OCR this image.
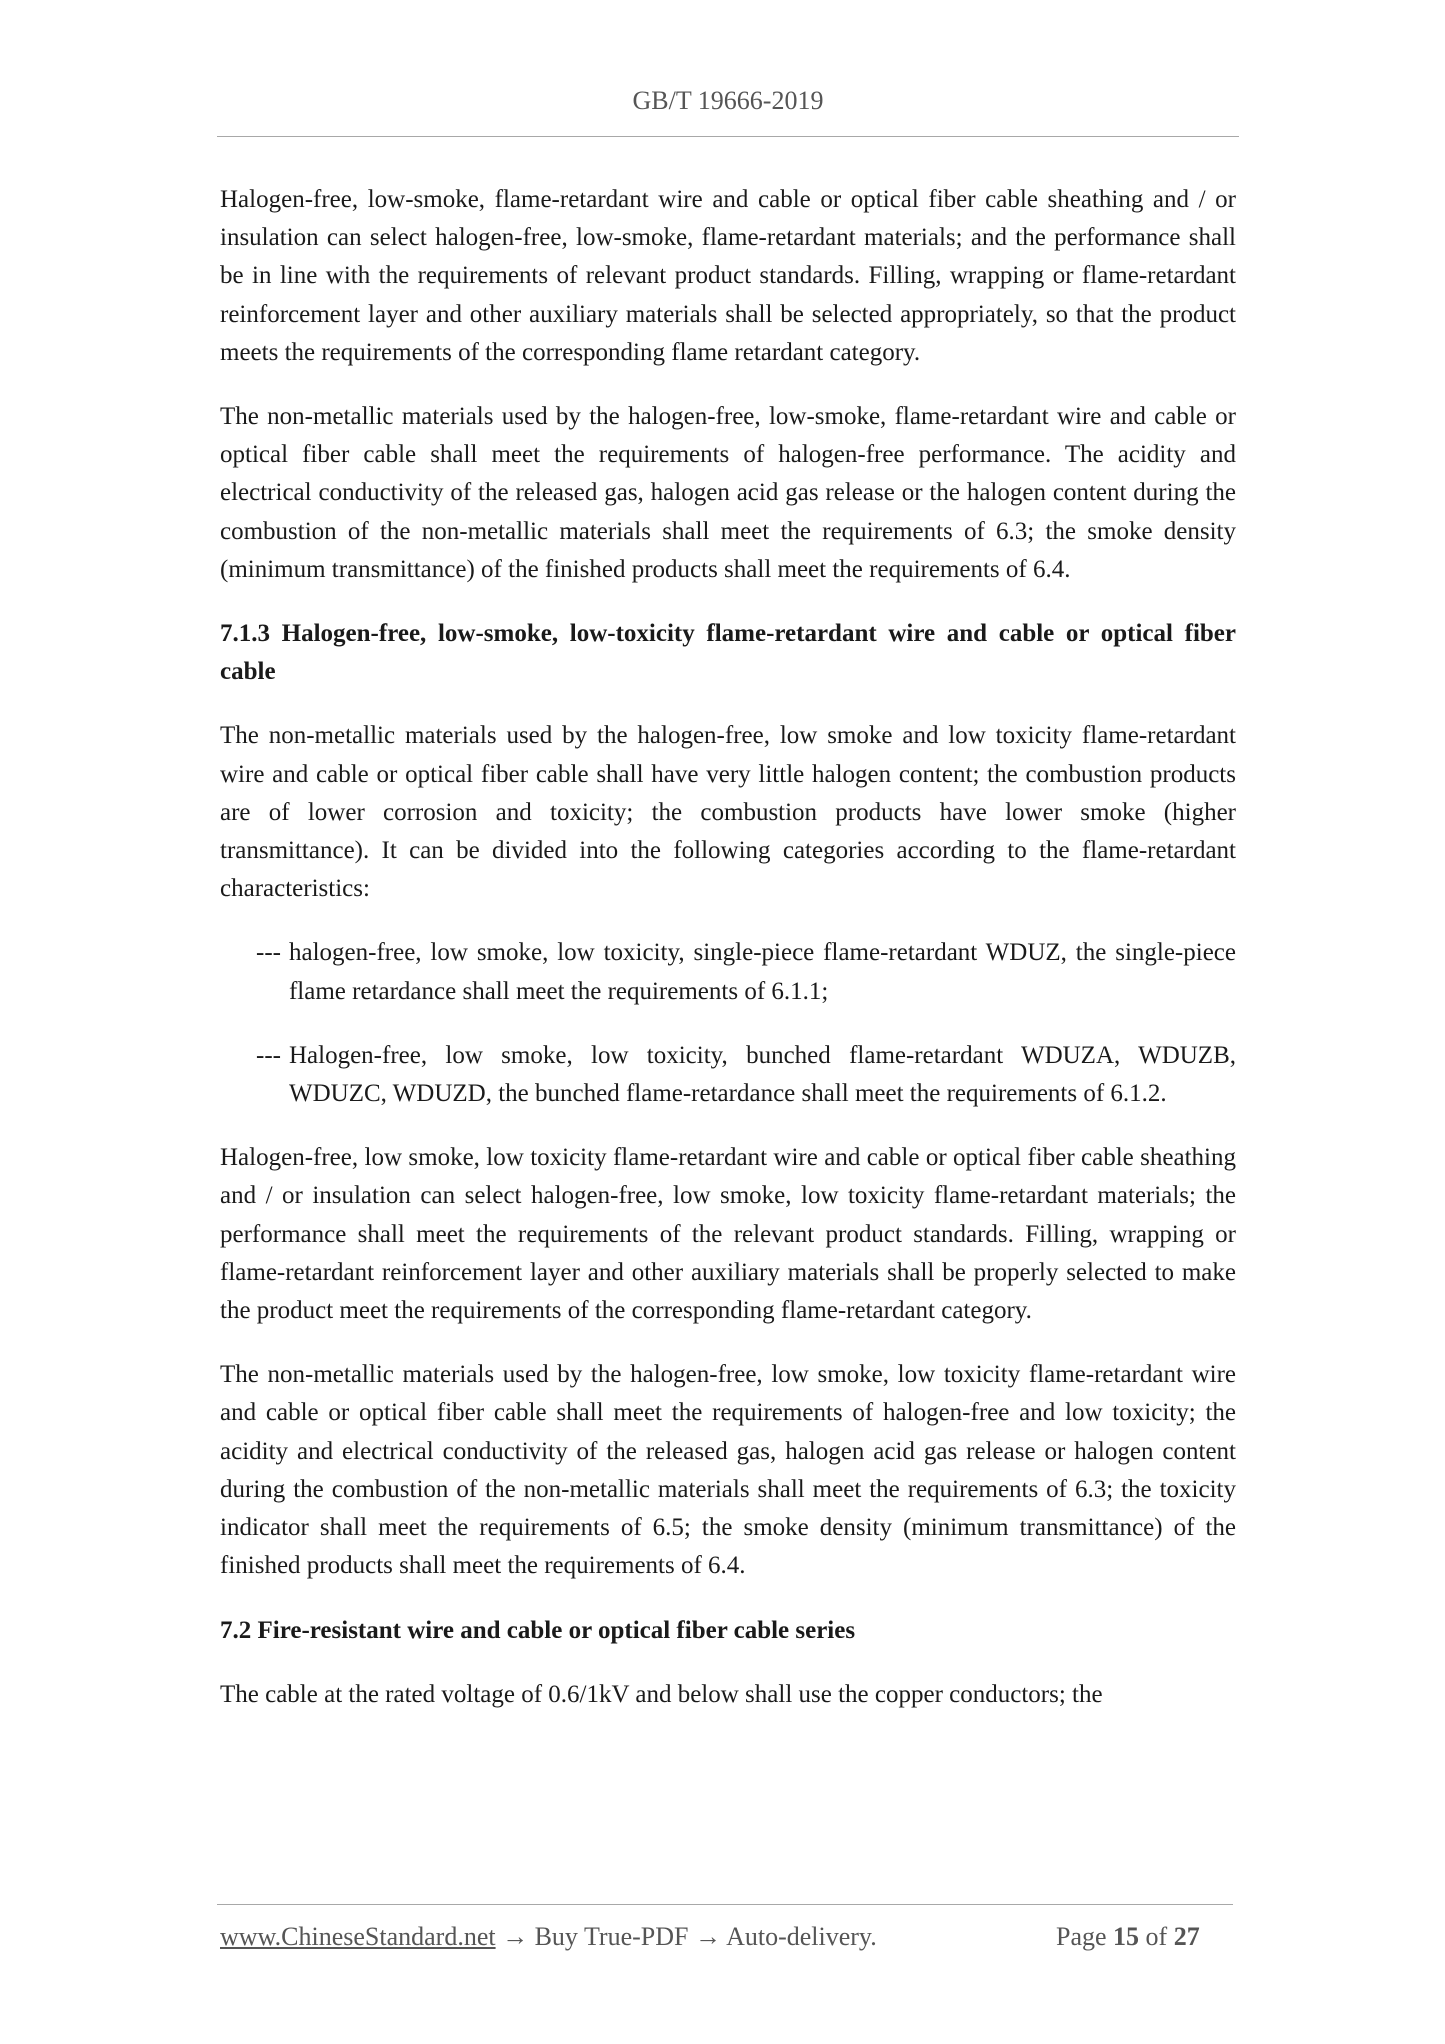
GB/T 19666-2019

Halogen-free, low-smoke, flame-retardant wire and cable or optical fiber cable sheathing and / or insulation can select halogen-free, low-smoke, flame-retardant materials; and the performance shall be in line with the requirements of relevant product standards. Filling, wrapping or flame-retardant reinforcement layer and other auxiliary materials shall be selected appropriately, so that the product meets the requirements of the corresponding flame retardant category.

The non-metallic materials used by the halogen-free, low-smoke, flame-retardant wire and cable or optical fiber cable shall meet the requirements of halogen-free performance. The acidity and electrical conductivity of the released gas, halogen acid gas release or the halogen content during the combustion of the non-metallic materials shall meet the requirements of 6.3; the smoke density (minimum transmittance) of the finished products shall meet the requirements of 6.4.

7.1.3 Halogen-free, low-smoke, low-toxicity flame-retardant wire and cable or optical fiber cable

The non-metallic materials used by the halogen-free, low smoke and low toxicity flame-retardant wire and cable or optical fiber cable shall have very little halogen content; the combustion products are of lower corrosion and toxicity; the combustion products have lower smoke (higher transmittance). It can be divided into the following categories according to the flame-retardant characteristics:

--- halogen-free, low smoke, low toxicity, single-piece flame-retardant WDUZ, the single-piece flame retardance shall meet the requirements of 6.1.1;
--- Halogen-free, low smoke, low toxicity, bunched flame-retardant WDUZA, WDUZB, WDUZC, WDUZD, the bunched flame-retardance shall meet the requirements of 6.1.2.

Halogen-free, low smoke, low toxicity flame-retardant wire and cable or optical fiber cable sheathing and / or insulation can select halogen-free, low smoke, low toxicity flame-retardant materials; the performance shall meet the requirements of the relevant product standards. Filling, wrapping or flame-retardant reinforcement layer and other auxiliary materials shall be properly selected to make the product meet the requirements of the corresponding flame-retardant category.

The non-metallic materials used by the halogen-free, low smoke, low toxicity flame-retardant wire and cable or optical fiber cable shall meet the requirements of halogen-free and low toxicity; the acidity and electrical conductivity of the released gas, halogen acid gas release or halogen content during the combustion of the non-metallic materials shall meet the requirements of 6.3; the toxicity indicator shall meet the requirements of 6.5; the smoke density (minimum transmittance) of the finished products shall meet the requirements of 6.4.

7.2 Fire-resistant wire and cable or optical fiber cable series

The cable at the rated voltage of 0.6/1kV and below shall use the copper conductors; the

www.ChineseStandard.net → Buy True-PDF → Auto-delivery.	Page 15 of 27
